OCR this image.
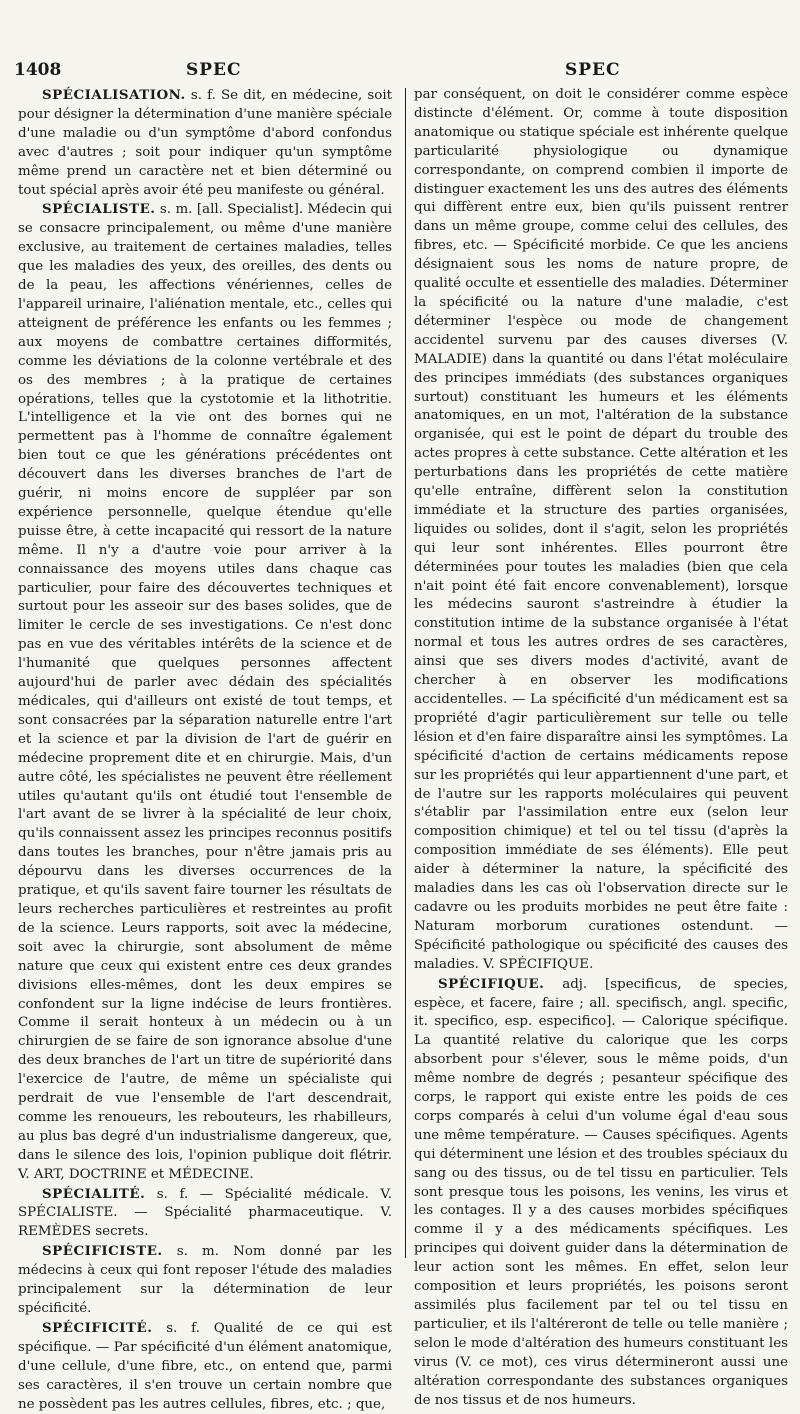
1408	SPEC	SPEC

SPÉCIALISATION. s. f. Se dit, en médecine, soit pour désigner la détermination d'une manière spéciale d'une maladie ou d'un symptôme d'abord confondus avec d'autres ; soit pour indiquer qu'un symptôme même prend un caractère net et bien déterminé ou tout spécial après avoir été peu manifeste ou général.

SPÉCIALISTE. s. m. [all. Specialist]. Médecin qui se consacre principalement, ou même d'une manière exclusive, au traitement de certaines maladies, telles que les maladies des yeux, des oreilles, des dents ou de la peau, les affections vénériennes, celles de l'appareil urinaire, l'aliénation mentale, etc., celles qui atteignent de préférence les enfants ou les femmes ; aux moyens de combattre certaines difformités, comme les déviations de la colonne vertébrale et des os des membres ; à la pratique de certaines opérations, telles que la cystotomie et la lithotritie. L'intelligence et la vie ont des bornes qui ne permettent pas à l'homme de connaître également bien tout ce que les générations précédentes ont découvert dans les diverses branches de l'art de guérir, ni moins encore de suppléer par son expérience personnelle, quelque étendue qu'elle puisse être, à cette incapacité qui ressort de la nature même. Il n'y a d'autre voie pour arriver à la connaissance des moyens utiles dans chaque cas particulier, pour faire des découvertes techniques et surtout pour les asseoir sur des bases solides, que de limiter le cercle de ses investigations. Ce n'est donc pas en vue des véritables intérêts de la science et de l'humanité que quelques personnes affectent aujourd'hui de parler avec dédain des spécialités médicales, qui d'ailleurs ont existé de tout temps, et sont consacrées par la séparation naturelle entre l'art et la science et par la division de l'art de guérir en médecine proprement dite et en chirurgie. Mais, d'un autre côté, les spécialistes ne peuvent être réellement utiles qu'autant qu'ils ont étudié tout l'ensemble de l'art avant de se livrer à la spécialité de leur choix, qu'ils connaissent assez les principes reconnus positifs dans toutes les branches, pour n'être jamais pris au dépourvu dans les diverses occurrences de la pratique, et qu'ils savent faire tourner les résultats de leurs recherches particulières et restreintes au profit de la science. Leurs rapports, soit avec la médecine, soit avec la chirurgie, sont absolument de même nature que ceux qui existent entre ces deux grandes divisions elles-mêmes, dont les deux empires se confondent sur la ligne indécise de leurs frontières. Comme il serait honteux à un médecin ou à un chirurgien de se faire de son ignorance absolue d'une des deux branches de l'art un titre de supériorité dans l'exercice de l'autre, de même un spécialiste qui perdrait de vue l'ensemble de l'art descendrait, comme les renoueurs, les rebouteurs, les rhabilleurs, au plus bas degré d'un industrialisme dangereux, que, dans le silence des lois, l'opinion publique doit flétrir. V. ART, DOCTRINE et MÉDECINE.

SPÉCIALITÉ. s. f. — Spécialité médicale. V. SPÉCIALISTE. — Spécialité pharmaceutique. V. REMÈDES secrets.

SPÉCIFICISTE. s. m. Nom donné par les médecins à ceux qui font reposer l'étude des maladies principalement sur la détermination de leur spécificité.

SPÉCIFICITÉ. s. f. Qualité de ce qui est spécifique. — Par spécificité d'un élément anatomique, d'une cellule, d'une fibre, etc., on entend que, parmi ses caractères, il s'en trouve un certain nombre que ne possèdent pas les autres cellules, fibres, etc. ; que,

par conséquent, on doit le considérer comme espèce distincte d'élément. Or, comme à toute disposition anatomique ou statique spéciale est inhérente quelque particularité physiologique ou dynamique correspondante, on comprend combien il importe de distinguer exactement les uns des autres des éléments qui diffèrent entre eux, bien qu'ils puissent rentrer dans un même groupe, comme celui des cellules, des fibres, etc. — Spécificité morbide. Ce que les anciens désignaient sous les noms de nature propre, de qualité occulte et essentielle des maladies. Déterminer la spécificité ou la nature d'une maladie, c'est déterminer l'espèce ou mode de changement accidentel survenu par des causes diverses (V. MALADIE) dans la quantité ou dans l'état moléculaire des principes immédiats (des substances organiques surtout) constituant les humeurs et les éléments anatomiques, en un mot, l'altération de la substance organisée, qui est le point de départ du trouble des actes propres à cette substance. Cette altération et les perturbations dans les propriétés de cette matière qu'elle entraîne, diffèrent selon la constitution immédiate et la structure des parties organisées, liquides ou solides, dont il s'agit, selon les propriétés qui leur sont inhérentes. Elles pourront être déterminées pour toutes les maladies (bien que cela n'ait point été fait encore convenablement), lorsque les médecins sauront s'astreindre à étudier la constitution intime de la substance organisée à l'état normal et tous les autres ordres de ses caractères, ainsi que ses divers modes d'activité, avant de chercher à en observer les modifications accidentelles. — La spécificité d'un médicament est sa propriété d'agir particulièrement sur telle ou telle lésion et d'en faire disparaître ainsi les symptômes. La spécificité d'action de certains médicaments repose sur les propriétés qui leur appartiennent d'une part, et de l'autre sur les rapports moléculaires qui peuvent s'établir par l'assimilation entre eux (selon leur composition chimique) et tel ou tel tissu (d'après la composition immédiate de ses éléments). Elle peut aider à déterminer la nature, la spécificité des maladies dans les cas où l'observation directe sur le cadavre ou les produits morbides ne peut être faite : Naturam morborum curationes ostendunt. — Spécificité pathologique ou spécificité des causes des maladies. V. SPÉCIFIQUE.

SPÉCIFIQUE. adj. [specificus, de species, espèce, et facere, faire ; all. specifisch, angl. specific, it. specifico, esp. especifico]. — Calorique spécifique. La quantité relative du calorique que les corps absorbent pour s'élever, sous le même poids, d'un même nombre de degrés ; pesanteur spécifique des corps, le rapport qui existe entre les poids de ces corps comparés à celui d'un volume égal d'eau sous une même température. — Causes spécifiques. Agents qui déterminent une lésion et des troubles spéciaux du sang ou des tissus, ou de tel tissu en particulier. Tels sont presque tous les poisons, les venins, les virus et les contages. Il y a des causes morbides spécifiques comme il y a des médicaments spécifiques. Les principes qui doivent guider dans la détermination de leur action sont les mêmes. En effet, selon leur composition et leurs propriétés, les poisons seront assimilés plus facilement par tel ou tel tissu en particulier, et ils l'altéreront de telle ou telle manière ; selon le mode d'altération des humeurs constituant les virus (V. ce mot), ces virus détermineront aussi une altération correspondante des substances organiques de nos tissus et de nos humeurs.
